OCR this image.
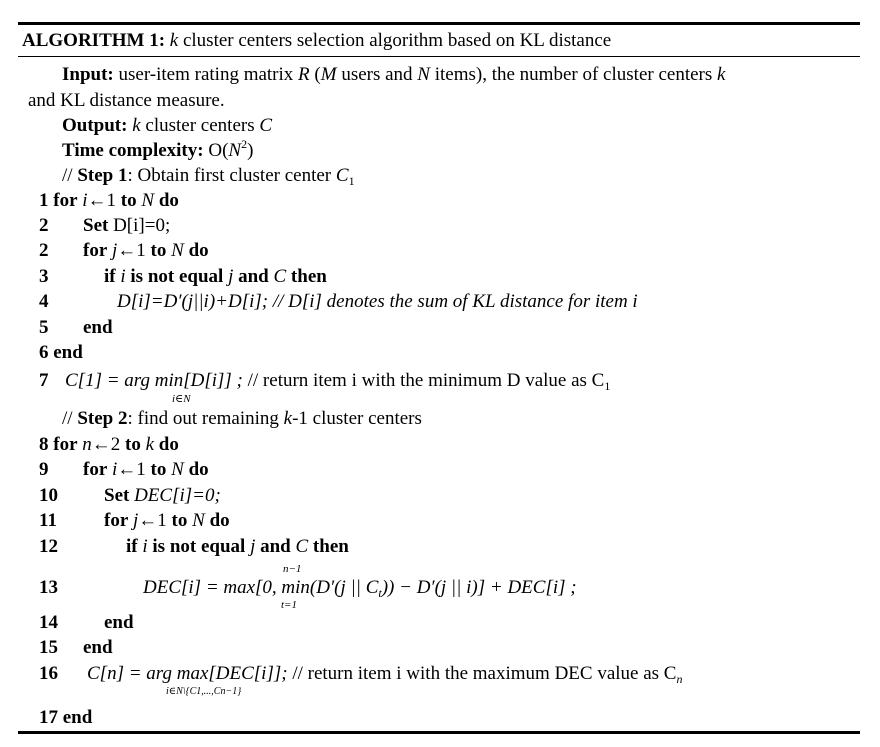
ALGORITHM 1: k cluster centers selection algorithm based on KL distance
Input: user-item rating matrix R (M users and N items), the number of cluster centers k
and KL distance measure.
Output: k cluster centers C
Time complexity: $O(N^2)$
// Step 1: Obtain first cluster center $C_1$
1 for i←1 to N do
2 Set D[i]=0;
2 for j←1 to N do
3	if i is not equal j and C then
4	D[i]=D′(j||i)+D[i]; // D[i] denotes the sum of KL distance for item i
5 end
6 end
7 C[1] = arg min[D[i]] ; // return item i with the minimum D value as $C_1$
i∈N
// Step 2: find out remaining k-1 cluster centers
8 for n←2 to k do
9 for i←1 to N do
10 Set DEC[i]=0;
11 for j←1 to N do
12	if i is not equal j and C then
n−1
13	DEC[i] = max[0, min(D′(j || $C_t)) - D'(j$ || i)] + DEC[i] ;
t=1
14 end
15 end
16 C[n] = arg max[DEC[i]]; // return item i with the maximum DEC value as $C_n$
i∈N\{C1,...,Cn−1}
17 end
